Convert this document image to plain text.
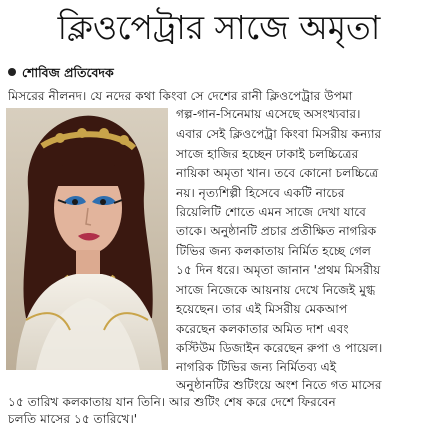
ক্লিওপেট্রার সাজে অমৃতা
শোবিজ প্রতিবেদক
মিসরের নীলনদ। যে নদের কথা কিংবা সে দেশের রানী ক্লিওপেট্রার উপমা
গল্প-গান-সিনেমায় এসেছে অসংখ্যবার।
এবার সেই ক্লিওপেট্রা কিংবা মিসরীয় কন্যার
সাজে হাজির হচ্ছেন ঢাকাই চলচ্চিত্রের
নায়িকা অমৃতা খান। তবে কোনো চলচ্চিত্রে
নয়। নৃত্যশিল্পী হিসেবে একটি নাচের
রিয়েলিটি শোতে এমন সাজে দেখা যাবে
তাকে। অনুষ্ঠানটি প্রচার প্রতীক্ষিত নাগরিক
টিভির জন্য কলকাতায় নির্মিত হচ্ছে গেল
১৫ দিন ধরে। অমৃতা জানান 'প্রথম মিসরীয়
সাজে নিজেকে আয়নায় দেখে নিজেই মুগ্ধ
হয়েছেন। তার এই মিসরীয় মেকআপ
করেছেন কলকাতার অমিত দাশ এবং
কস্টিউম ডিজাইন করেছেন রুপা ও পায়েল।
নাগরিক টিভির জন্য নির্মিতব্য এই
অনুষ্ঠানটির শুটিংয়ে অংশ নিতে গত মাসের
১৫ তারিখ কলকাতায় যান তিনি। আর শুটিং শেষ করে দেশে ফিরবেন
চলতি মাসের ১৫ তারিখে।'
